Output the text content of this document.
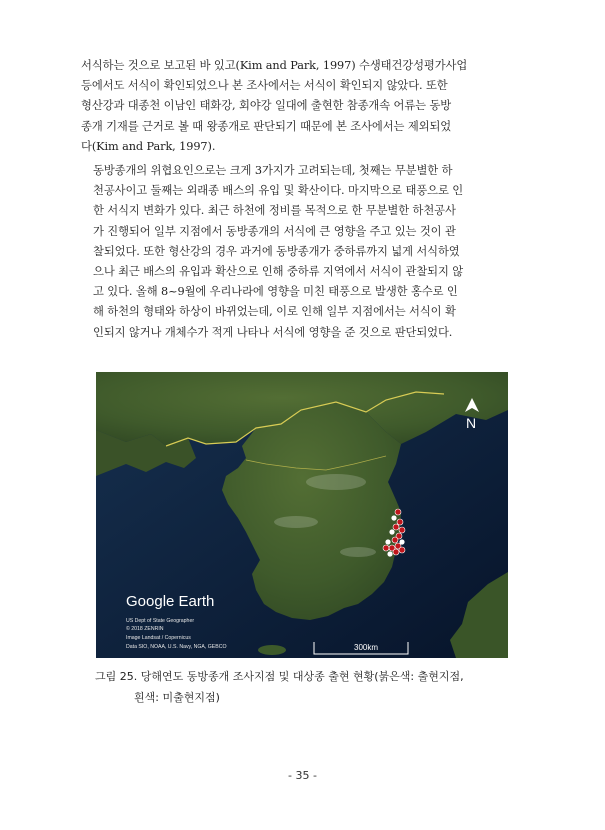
서식하는 것으로 보고된 바 있고(Kim and Park, 1997) 수생태건강성평가사업
등에서도 서식이 확인되었으나 본 조사에서는 서식이 확인되지 않았다. 또한
형산강과 대종천 이남인 태화강, 회야강 일대에 출현한 참종개속 어류는 동방
종개 기재를 근거로 볼 때 왕종개로 판단되기 때문에 본 조사에서는 제외되었
다(Kim and Park, 1997).
동방종개의 위협요인으로는 크게 3가지가 고려되는데, 첫째는 무분별한 하
천공사이고 둘째는 외래종 배스의 유입 및 확산이다. 마지막으로 태풍으로 인
한 서식지 변화가 있다. 최근 하천에 정비를 목적으로 한 무분별한 하천공사
가 진행되어 일부 지점에서 동방종개의 서식에 큰 영향을 주고 있는 것이 관
찰되었다. 또한 형산강의 경우 과거에 동방종개가 중하류까지 넓게 서식하였
으나 최근 배스의 유입과 확산으로 인해 중하류 지역에서 서식이 관찰되지 않
고 있다. 올해 8~9월에 우리나라에 영향을 미친 태풍으로 발생한 홍수로 인
해 하천의 형태와 하상이 바뀌었는데, 이로 인해 일부 지점에서는 서식이 확
인되지 않거나 개체수가 적게 나타나 서식에 영향을 준 것으로 판단되었다.
N
Google Earth
US Dept of State Geographer
© 2018 ZENRIN
Image Landsat / Copernicus
Data SIO, NOAA, U.S. Navy, NGA, GEBCO	300km
그림 25. 당해연도 동방종개 조사지점 및 대상종 출현 현황(붉은색: 출현지점,
흰색: 미출현지점)
- 35 -
